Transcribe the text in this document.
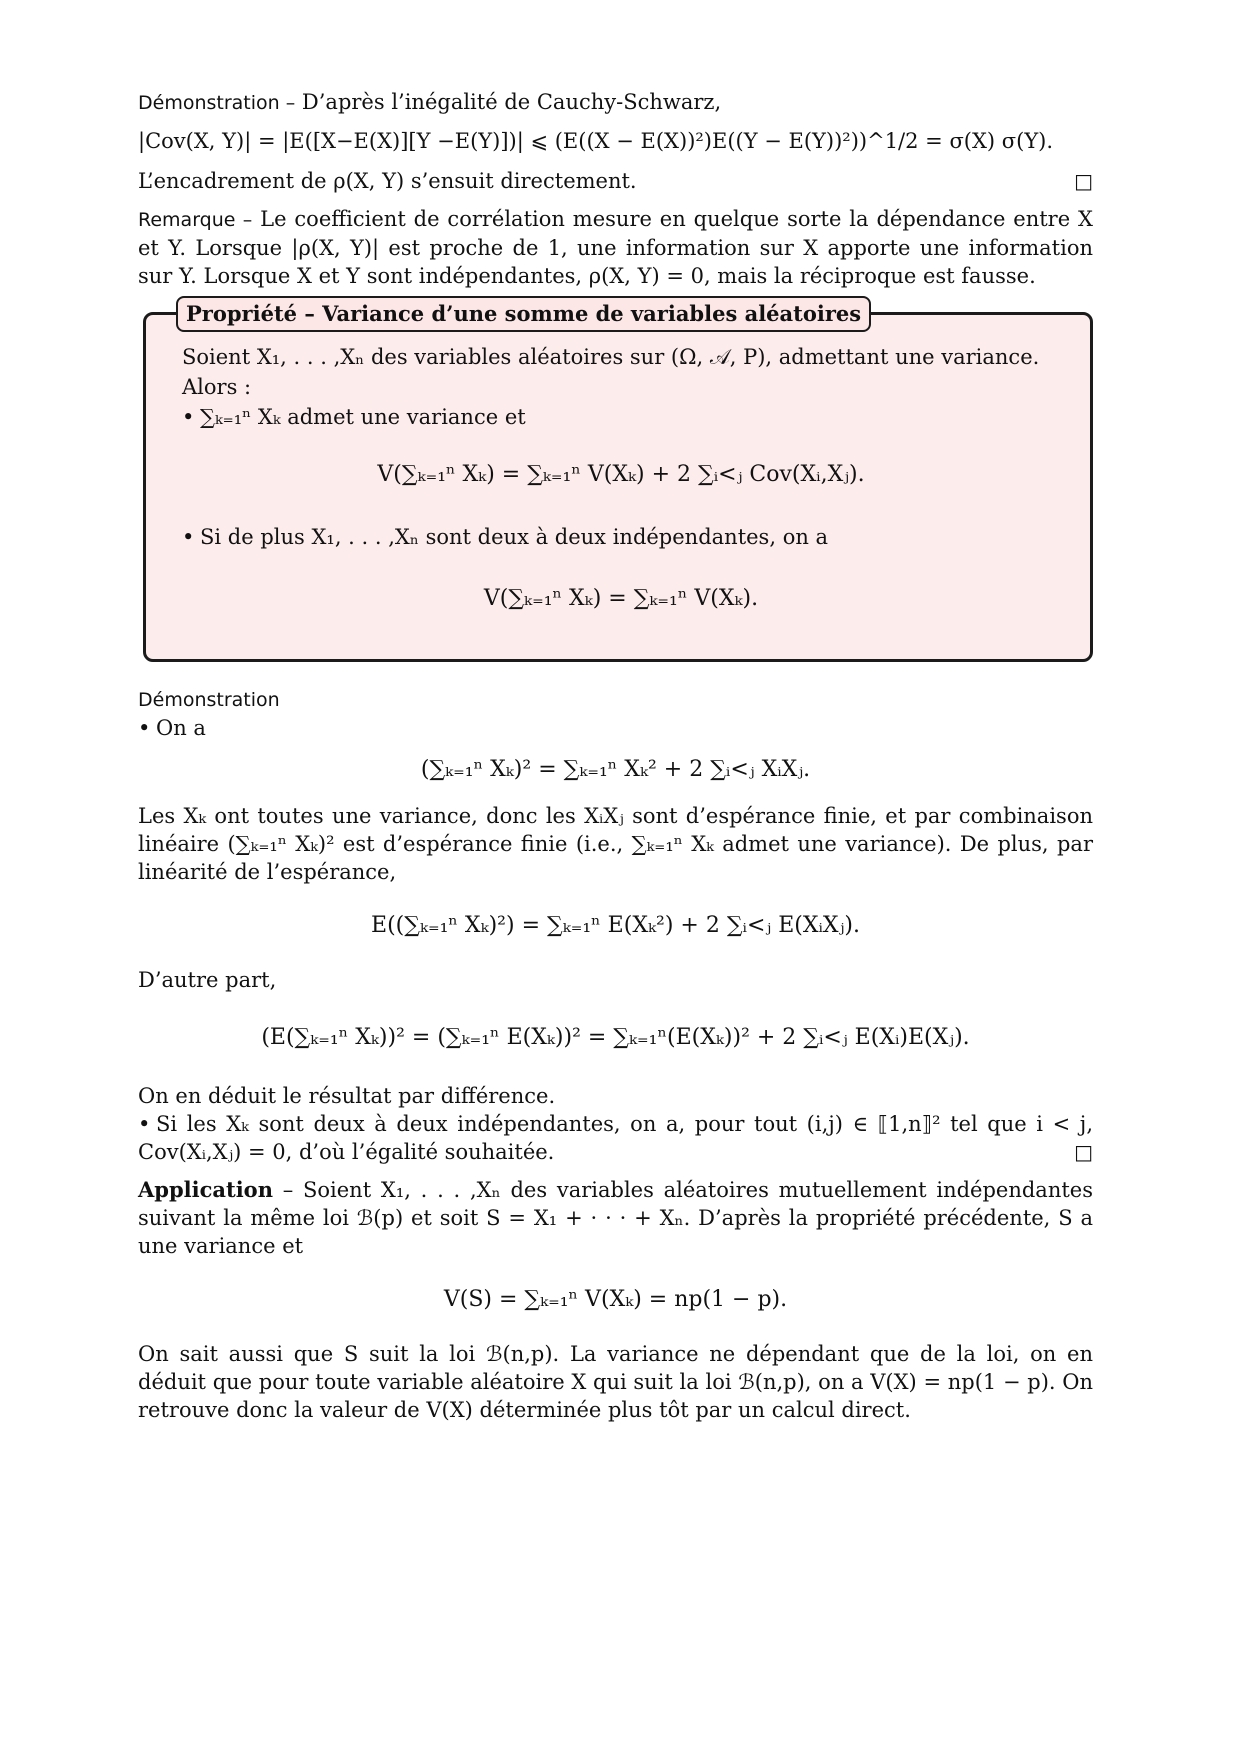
Démonstration – D’après l’inégalité de Cauchy-Schwarz,

|Cov(X, Y)| = |E([X−E(X)][Y −E(Y)])| ⩽ (E((X − E(X))²)E((Y − E(Y))²))^1/2 = σ(X) σ(Y).

L’encadrement de ρ(X, Y) s’ensuit directement.	□

Remarque – Le coefficient de corrélation mesure en quelque sorte la dépendance entre X et Y. Lorsque |ρ(X, Y)| est proche de 1, une information sur X apporte une information sur Y. Lorsque X et Y sont indépendantes, ρ(X, Y) = 0, mais la réciproque est fausse.

Propriété – Variance d’une somme de variables aléatoires

Soient X₁, . . . ,Xₙ des variables aléatoires sur (Ω, 𝒜, P), admettant une variance.

Alors :

• ∑ₖ₌₁ⁿ Xₖ admet une variance et

V(∑ₖ₌₁ⁿ Xₖ) = ∑ₖ₌₁ⁿ V(Xₖ) + 2 ∑ᵢ<ⱼ Cov(Xᵢ,Xⱼ).

• Si de plus X₁, . . . ,Xₙ sont deux à deux indépendantes, on a

V(∑ₖ₌₁ⁿ Xₖ) = ∑ₖ₌₁ⁿ V(Xₖ).

Démonstration

• On a

(∑ₖ₌₁ⁿ Xₖ)² = ∑ₖ₌₁ⁿ Xₖ² + 2 ∑ᵢ<ⱼ XᵢXⱼ.

Les Xₖ ont toutes une variance, donc les XᵢXⱼ sont d’espérance finie, et par combinaison linéaire (∑ₖ₌₁ⁿ Xₖ)² est d’espérance finie (i.e., ∑ₖ₌₁ⁿ Xₖ admet une variance). De plus, par linéarité de l’espérance,

E((∑ₖ₌₁ⁿ Xₖ)²) = ∑ₖ₌₁ⁿ E(Xₖ²) + 2 ∑ᵢ<ⱼ E(XᵢXⱼ).

D’autre part,

(E(∑ₖ₌₁ⁿ Xₖ))² = (∑ₖ₌₁ⁿ E(Xₖ))² = ∑ₖ₌₁ⁿ(E(Xₖ))² + 2 ∑ᵢ<ⱼ E(Xᵢ)E(Xⱼ).

On en déduit le résultat par différence.

• Si les Xₖ sont deux à deux indépendantes, on a, pour tout (i,j) ∈ ⟦1,n⟧² tel que i < j, Cov(Xᵢ,Xⱼ) = 0, d’où l’égalité souhaitée.	□

Application – Soient X₁, . . . ,Xₙ des variables aléatoires mutuellement indépendantes suivant la même loi ℬ(p) et soit S = X₁ + · · · + Xₙ. D’après la propriété précédente, S a une variance et

V(S) = ∑ₖ₌₁ⁿ V(Xₖ) = np(1 − p).

On sait aussi que S suit la loi ℬ(n,p). La variance ne dépendant que de la loi, on en déduit que pour toute variable aléatoire X qui suit la loi ℬ(n,p), on a V(X) = np(1 − p). On retrouve donc la valeur de V(X) déterminée plus tôt par un calcul direct.
